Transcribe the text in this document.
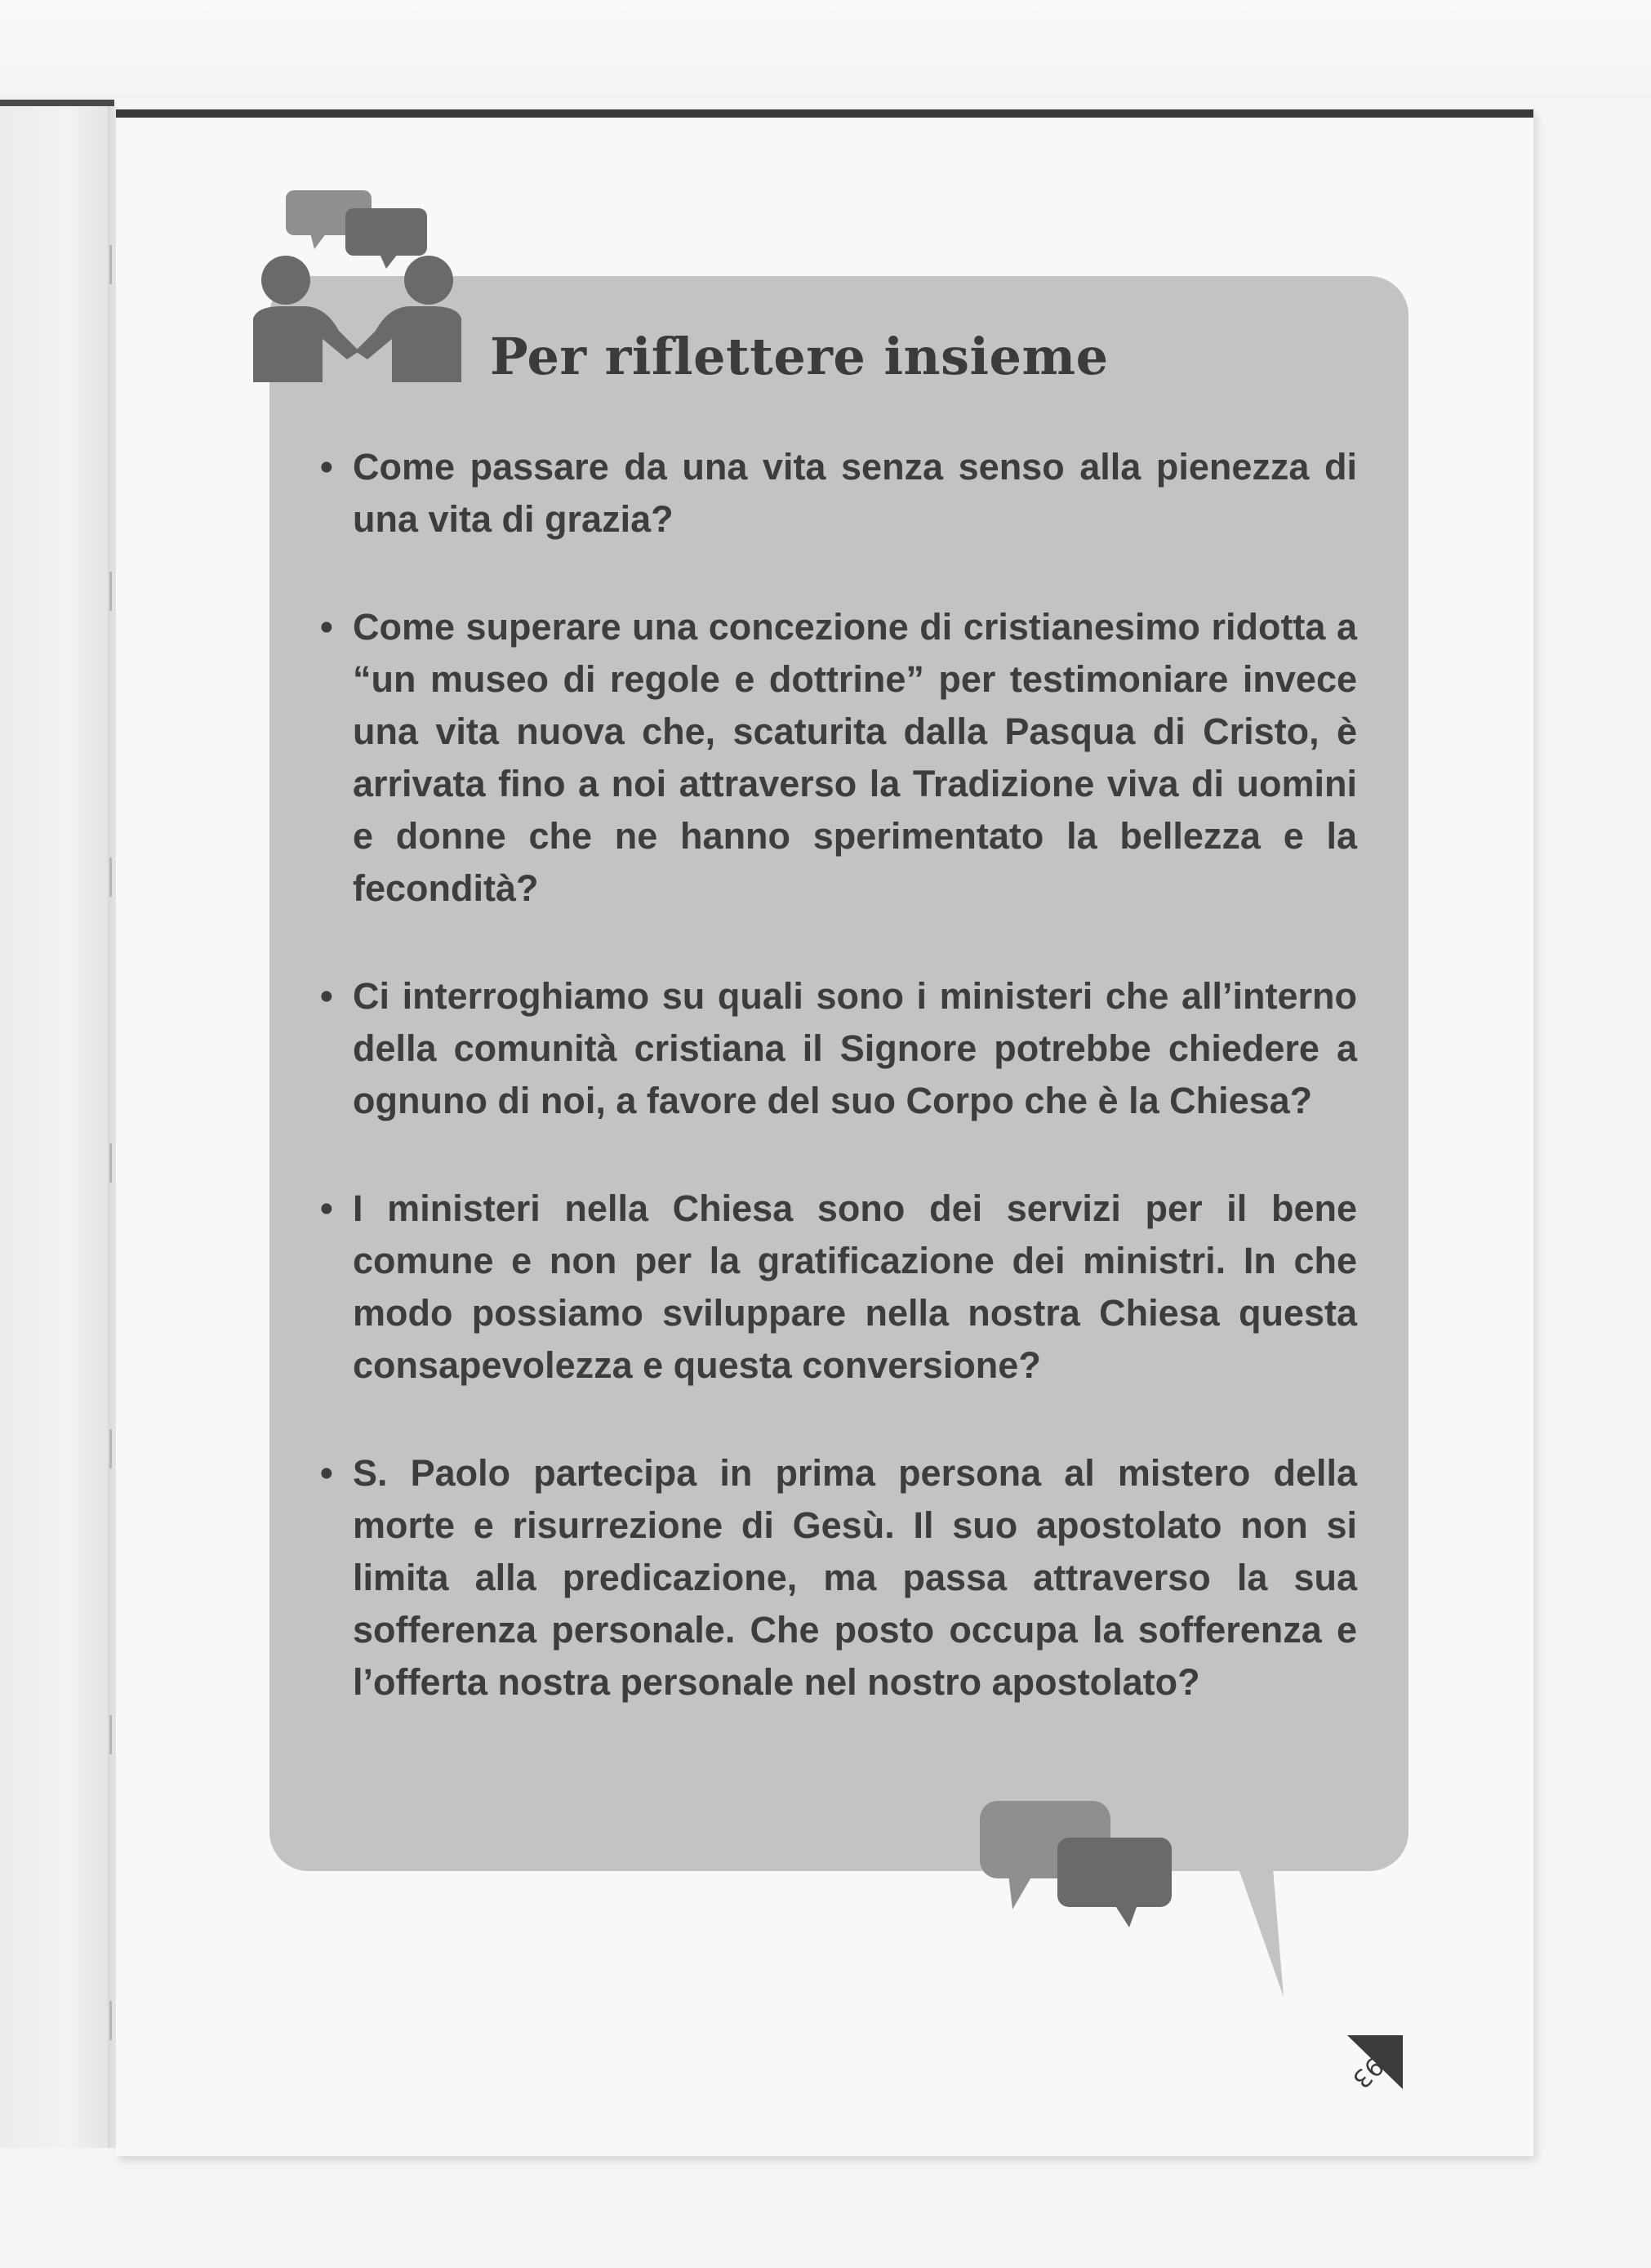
Per riflettere insieme
• Come passare da una vita senza senso alla pienezza di una vita di grazia?
• Come superare una concezione di cristianesimo ridotta a “un museo di regole e dottrine” per testimoniare invece una vita nuova che, scaturita dalla Pasqua di Cristo, è arrivata fino a noi attraverso la Tradizione viva di uomini e donne che ne hanno sperimentato la bellezza e la fecondità?
• Ci interroghiamo su quali sono i ministeri che all’interno della comunità cristiana il Signore potrebbe chiedere a ognuno di noi, a favore del suo Corpo che è la Chiesa?
• I ministeri nella Chiesa sono dei servizi per il bene comune e non per la gratificazione dei ministri. In che modo possiamo sviluppare nella nostra Chiesa questa consapevolezza e questa conversione?
• S. Paolo partecipa in prima persona al mistero della morte e risurrezione di Gesù. Il suo apostolato non si limita alla predicazione, ma passa attraverso la sua sofferenza personale. Che posto occupa la sofferenza e l’offerta nostra personale nel nostro apostolato?

93
